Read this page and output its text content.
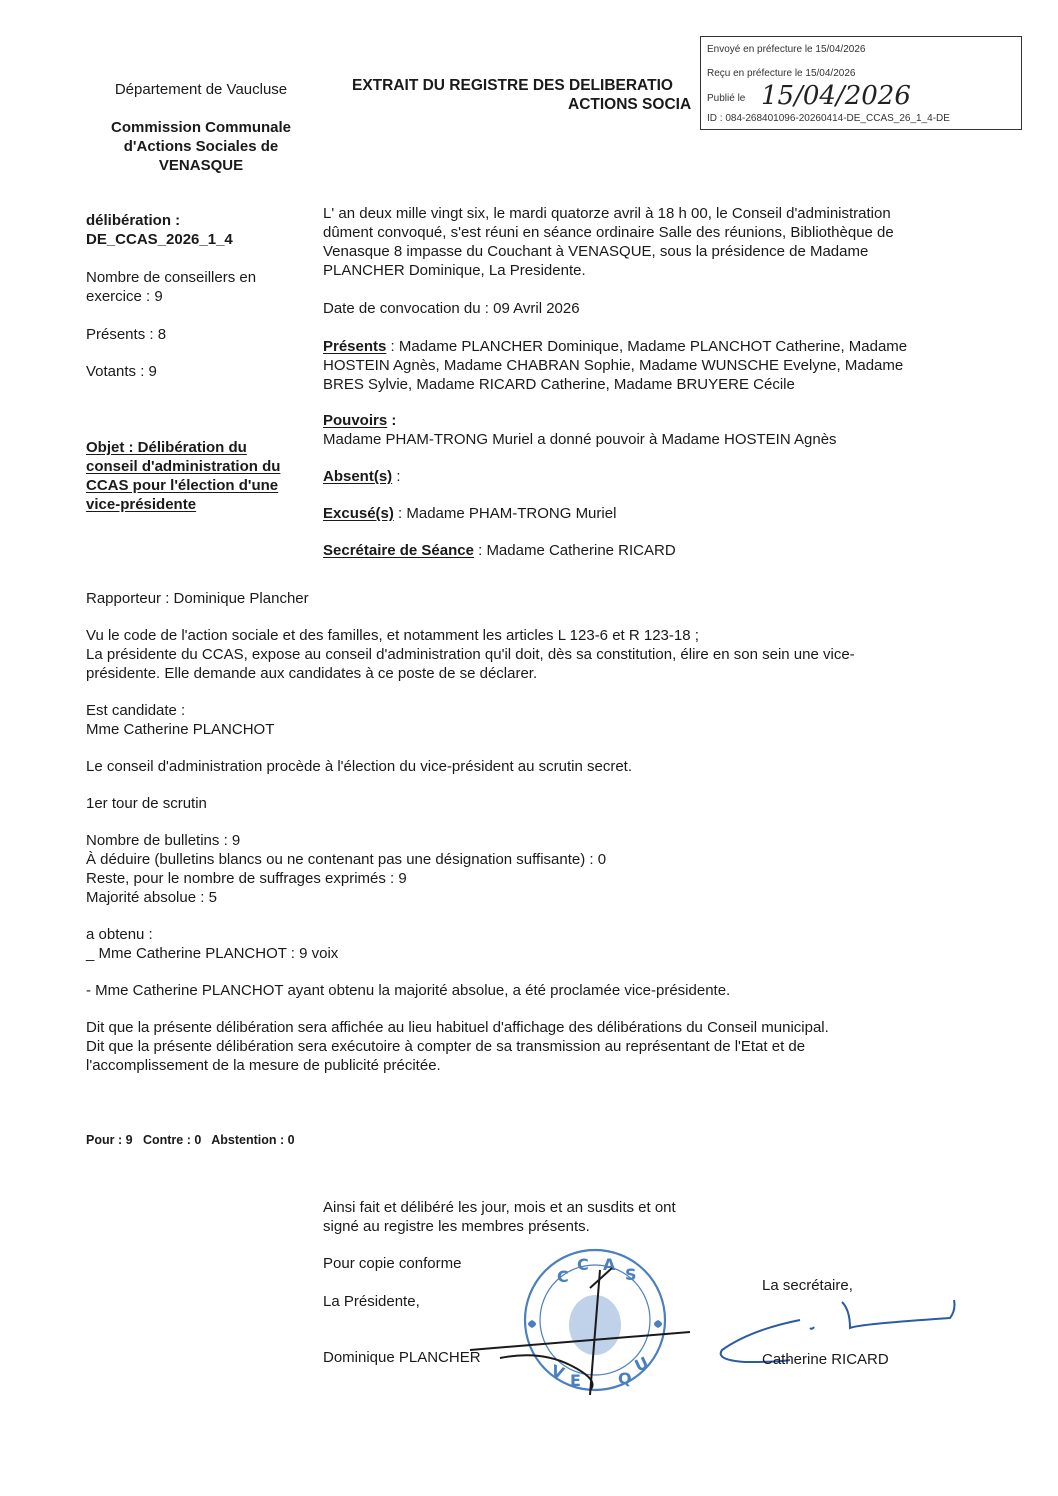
Envoyé en préfecture le 15/04/2026
Reçu en préfecture le 15/04/2026
Publié le 15/04/2026
ID : 084-268401096-20260414-DE_CCAS_26_1_4-DE
Département de Vaucluse
Commission Communale
d'Actions Sociales de
VENASQUE
EXTRAIT DU REGISTRE DES DELIBERATIO
ACTIONS SOCIA
délibération :
DE_CCAS_2026_1_4
Nombre de conseillers en
exercice : 9
Présents : 8
Votants : 9
Objet : Délibération du
conseil d'administration du
CCAS pour l'élection d'une
vice-présidente
L' an deux mille vingt six, le mardi quatorze avril à 18 h 00, le Conseil d'administration
dûment convoqué, s'est réuni en séance ordinaire Salle des réunions, Bibliothèque de
Venasque 8 impasse du Couchant à VENASQUE, sous la présidence de Madame
PLANCHER Dominique, La Presidente.
Date de convocation du : 09 Avril 2026
Présents : Madame PLANCHER Dominique, Madame PLANCHOT Catherine, Madame
HOSTEIN Agnès, Madame CHABRAN Sophie, Madame WUNSCHE Evelyne, Madame
BRES Sylvie, Madame RICARD Catherine, Madame BRUYERE Cécile
Pouvoirs :
Madame PHAM-TRONG Muriel a donné pouvoir à Madame HOSTEIN Agnès
Absent(s) :
Excusé(s) : Madame PHAM-TRONG Muriel
Secrétaire de Séance : Madame Catherine RICARD
Rapporteur : Dominique Plancher
Vu le code de l'action sociale et des familles, et notamment les articles L 123-6 et R 123-18 ;
La présidente du CCAS, expose au conseil d'administration qu'il doit, dès sa constitution, élire en son sein une vice-
présidente. Elle demande aux candidates à ce poste de se déclarer.
Est candidate :
Mme Catherine PLANCHOT
Le conseil d'administration procède à l'élection du vice-président au scrutin secret.
1er tour de scrutin
Nombre de bulletins : 9
À déduire (bulletins blancs ou ne contenant pas une désignation suffisante) : 0
Reste, pour le nombre de suffrages exprimés : 9
Majorité absolue : 5
a obtenu :
_ Mme Catherine PLANCHOT : 9 voix
- Mme Catherine PLANCHOT ayant obtenu la majorité absolue, a été proclamée vice-présidente.
Dit que la présente délibération sera affichée au lieu habituel d'affichage des délibérations du Conseil municipal.
Dit que la présente délibération sera exécutoire à compter de sa transmission au représentant de l'Etat et de
l'accomplissement de la mesure de publicité précitée.
Pour : 9   Contre : 0   Abstention : 0
Ainsi fait et délibéré les jour, mois et an susdits et ont
signé au registre les membres présents.
Pour copie conforme
La Présidente,
Dominique PLANCHER
C
C A
S
V E Q
U
La secrétaire,
Catherine RICARD
